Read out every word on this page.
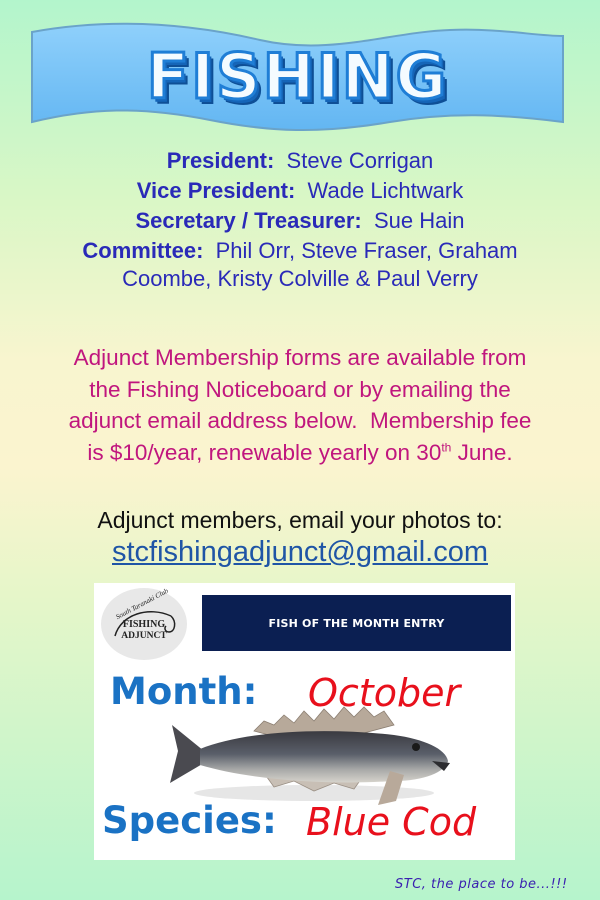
FISHING
President: Steve Corrigan
Vice President: Wade Lichtwark
Secretary / Treasurer: Sue Hain
Committee: Phil Orr, Steve Fraser, Graham
Coombe, Kristy Colville & Paul Verry
Adjunct Membership forms are available from
the Fishing Noticeboard or by emailing the
adjunct email address below.  Membership fee
is $10/year, renewable yearly on 30th June.
Adjunct members, email your photos to:
stcfishingadjunct@gmail.com
South Taranaki Club
FISHING
ADJUNCT
FISH OF THE MONTH ENTRY
Month: October
Species: Blue Cod
STC, the place to be...!!!
